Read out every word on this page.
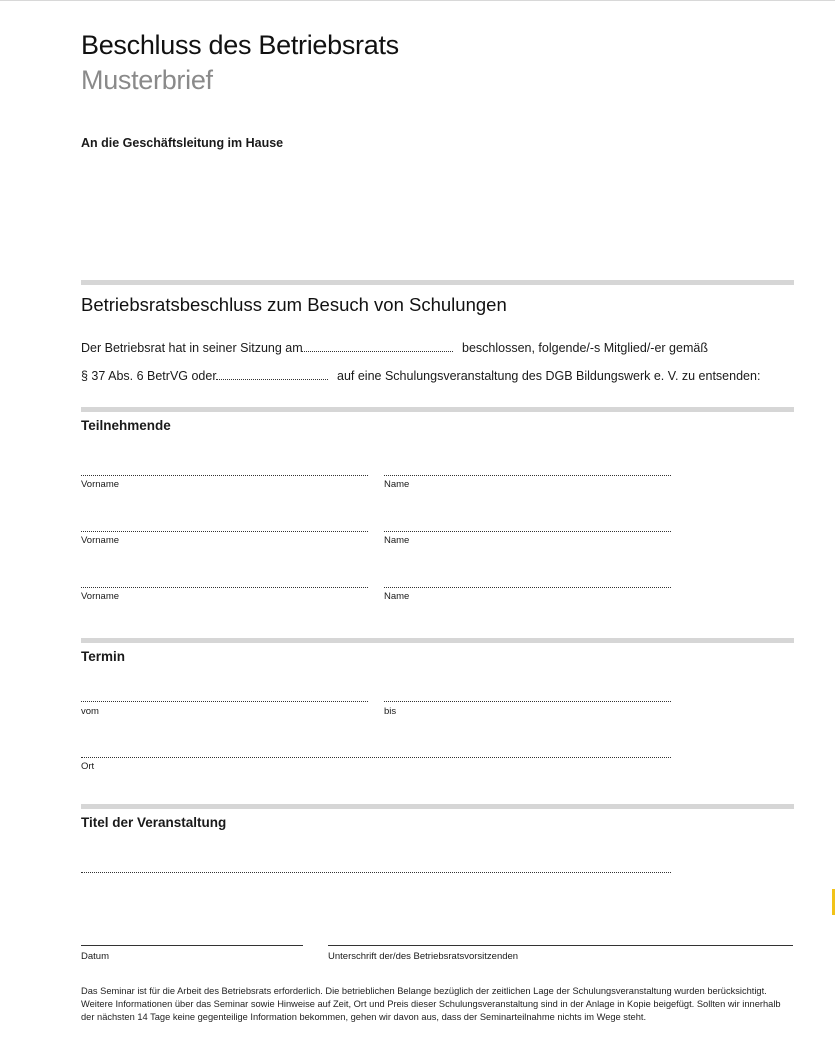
Beschluss des Betriebsrats
Musterbrief
An die Geschäftsleitung im Hause
Betriebsratsbeschluss zum Besuch von Schulungen
Der Betriebsrat hat in seiner Sitzung am	beschlossen, folgende/-s Mitglied/-er gemäß
§ 37 Abs. 6 BetrVG oder	auf eine Schulungsveranstaltung des DGB Bildungswerk e. V. zu entsenden:
Teilnehmende
Vorname	Name
Vorname	Name
Vorname	Name
Termin
vom	bis
Ort
Titel der Veranstaltung
Datum	Unterschrift der/des Betriebsratsvorsitzenden
Das Seminar ist für die Arbeit des Betriebsrats erforderlich. Die betrieblichen Belange bezüglich der zeitlichen Lage der Schulungsveranstaltung wurden berücksichtigt.
Weitere Informationen über das Seminar sowie Hinweise auf Zeit, Ort und Preis dieser Schulungsveranstaltung sind in der Anlage in Kopie beigefügt. Sollten wir innerhalb
der nächsten 14 Tage keine gegenteilige Information bekommen, gehen wir davon aus, dass der Seminarteilnahme nichts im Wege steht.
